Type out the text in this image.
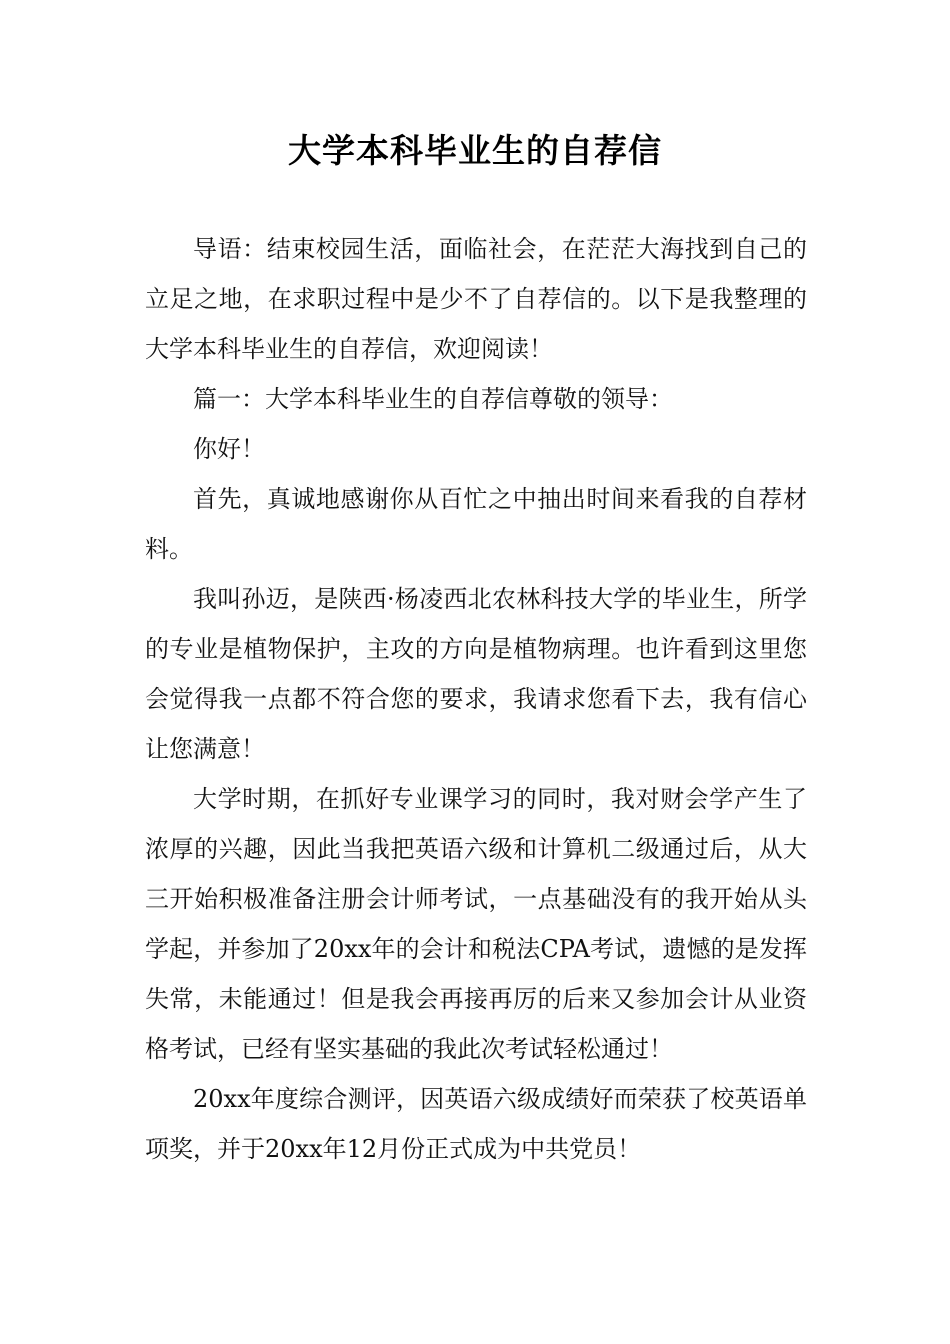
大学本科毕业生的自荐信

导语：结束校园生活，面临社会，在茫茫大海找到自己的立足之地，在求职过程中是少不了自荐信的。以下是我整理的大学本科毕业生的自荐信，欢迎阅读！

篇一：大学本科毕业生的自荐信尊敬的领导：

你好！

首先，真诚地感谢你从百忙之中抽出时间来看我的自荐材料。

我叫孙迈，是陕西·杨凌西北农林科技大学的毕业生，所学的专业是植物保护，主攻的方向是植物病理。也许看到这里您会觉得我一点都不符合您的要求，我请求您看下去，我有信心让您满意！

大学时期，在抓好专业课学习的同时，我对财会学产生了浓厚的兴趣，因此当我把英语六级和计算机二级通过后，从大三开始积极准备注册会计师考试，一点基础没有的我开始从头学起，并参加了20xx年的会计和税法CPA考试，遗憾的是发挥失常，未能通过！但是我会再接再厉的后来又参加会计从业资格考试，已经有坚实基础的我此次考试轻松通过！

20xx年度综合测评，因英语六级成绩好而荣获了校英语单项奖，并于20xx年12月份正式成为中共党员！
